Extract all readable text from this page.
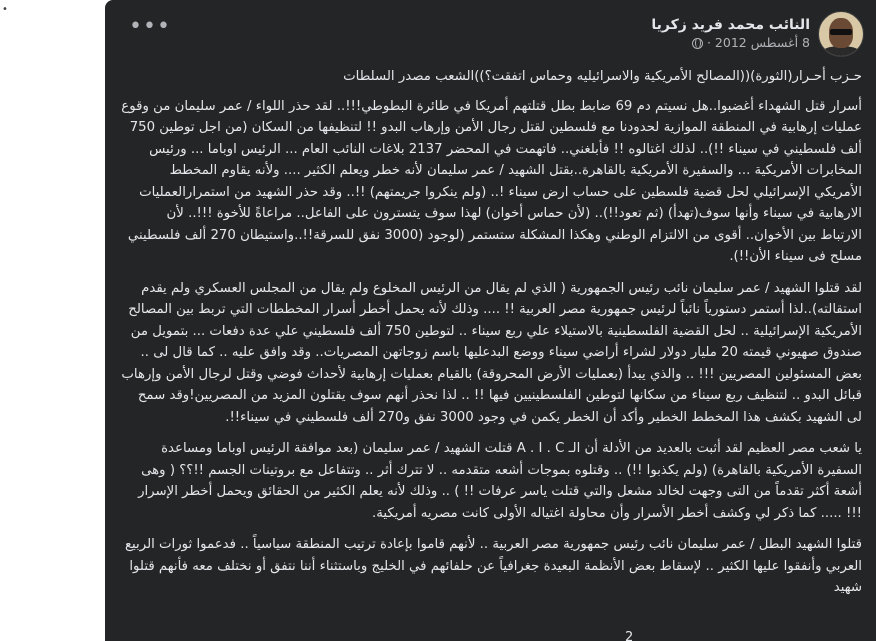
•
النائب محمد فريد زكريا
8 أغسطس 2012
·
•••

حـزب أحـرار(الثورة)((المصالح الأمريكية والاسرائيليه وحماس اتفقت؟))الشعب مصدر السلطات

أسرار قتل الشهداء أغضبوا..هل نسيتم دم 69 ضابط بطل قتلتهم أمريكا في طائرة البطوطي!!!.. لقد حذر اللواء / عمر سليمان من وقوع عمليات إرهابية في المنطقة الموازية لحدودنا مع فلسطين لقتل رجال الأمن وإرهاب البدو !! لتنظيفها من السكان (من اجل توطين 750 ألف فلسطيني في سيناء !!).. لذلك اغتالوه !! فأبلغني.. فاتهمت في المحضر 2137 بلاغات النائب العام ... الرئيس اوباما ... ورئيس المخابرات الأمريكية ... والسفيرة الأمريكية بالقاهرة..بقتل الشهيد / عمر سليمان لأنه خطر ويعلم الكثير .... ولأنه يقاوم المخطط الأمريكي الإسرائيلي لحل قضية فلسطين على حساب ارض سيناء !.. (ولم ينكروا جريمتهم) !!.. وقد حذر الشهيد من استمرارالعمليات الارهابية في سيناء وأنها سوف(تهدأ) (ثم تعود!!).. (لأن حماس أخوان) لهذا سوف يتسترون على الفاعل.. مراعاةً للأخوة !!!.. لأن الارتباط بين الأخوان.. أقوى من الالتزام الوطني وهكذا المشكلة ستستمر (لوجود (3000 نفق للسرقة!!..واستيطان 270 ألف فلسطيني مسلح فى سيناء الأن!!).

لقد قتلوا الشهيد / عمر سليمان نائب رئيس الجمهورية ( الذي لم يقال من الرئيس المخلوع ولم يقال من المجلس العسكري ولم يقدم استقالته)..لذا أستمر دستورياً نائباً لرئيس جمهورية مصر العربية !! .... وذلك لأنه يحمل أخطر أسرار المخططات التي تربط بين المصالح الأمريكية الإسرائيلية .. لحل القضية الفلسطينية بالاستيلاء علي ربع سيناء .. لتوطين 750 ألف فلسطيني علي عدة دفعات ... بتمويل من صندوق صهيوني قيمته 20 مليار دولار لشراء أراضي سيناء ووضع البدعليها باسم زوجاتهن المصريات.. وقد وافق عليه .. كما قال لى .. بعض المسئولين المصريين !!! .. والذي يبدأ (بعمليات الأرض المحروقة) بالقيام بعمليات إرهابية لأحداث فوضي وقتل لرجال الأمن وإرهاب قبائل البدو .. لتنظيف ربع سيناء من سكانها لتوطين الفلسطينيين فيها !! .. لذا نحذر أنهم سوف يقتلون المزيد من المصريين!وقد سمح لى الشهيد بكشف هذا المخطط الخطير وأكد أن الخطر يكمن في وجود 3000 نفق و270 ألف فلسطيني في سيناء!!.

يا شعب مصر العظيم لقد أثبت بالعديد من الأدلة أن الـ A . I . C قتلت الشهيد / عمر سليمان (بعد موافقة الرئيس اوباما ومساعدة السفيرة الأمريكية بالقاهرة) (ولم يكذبوا !!) .. وقتلوه بموجات أشعه متقدمه .. لا تترك أثر .. وتتفاعل مع بروتينات الجسم !!؟؟ ( وهى أشعة أكثر تقدماً من التى وجهت لخالد مشعل والتي قتلت ياسر عرفات !! ) .. وذلك لأنه يعلم الكثير من الحقائق ويحمل أخطر الإسرار !!! ..... كما ذكر لي وكشف أخطر الأسرار وأن محاولة اغتياله الأولى كانت مصريه أمريكية.

قتلوا الشهيد البطل / عمر سليمان نائب رئيس جمهورية مصر العربية .. لأنهم قاموا بإعادة ترتيب المنطقة سياسياً .. فدعموا ثورات الربيع العربي وأنفقوا عليها الكثير .. لإسقاط بعض الأنظمة البعيدة جغرافياً عن حلفائهم في الخليج وباستثناء أننا نتفق أو نختلف معه فأنهم قتلوا شهيد

2
